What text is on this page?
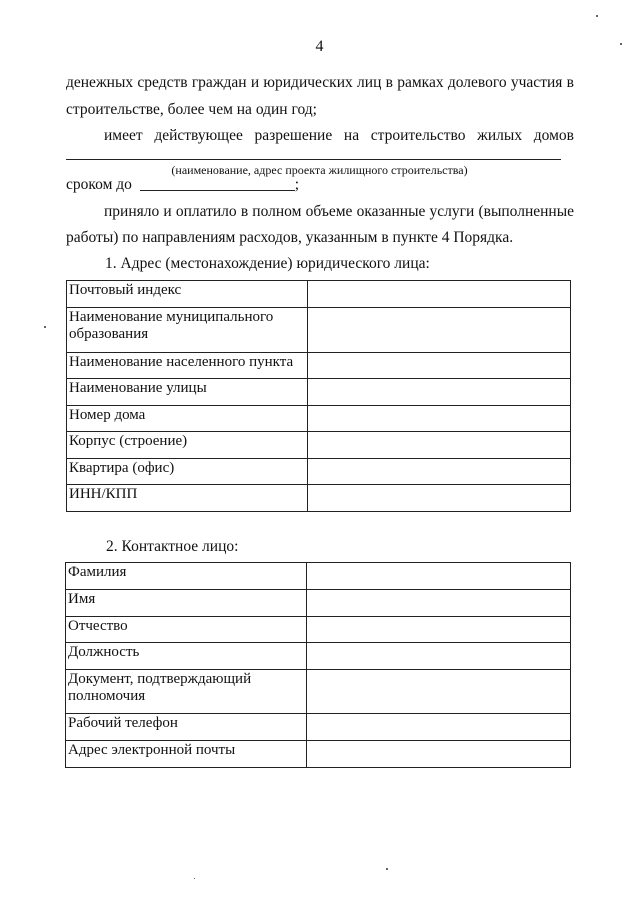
4
денежных средств граждан и юридических лиц в рамках долевого участия в
строительстве, более чем на один год;
имеет действующее разрешение на строительство жилых домов
(наименование, адрес проекта жилищного строительства)
сроком до	;
приняло и оплатило в полном объеме оказанные услуги (выполненные
работы) по направлениям расходов, указанным в пункте 4 Порядка.
1. Адрес (местонахождение) юридического лица:
Почтовый индекс	
Наименование муниципального образования	
Наименование населенного пункта	
Наименование улицы	
Номер дома	
Корпус (строение)	
Квартира (офис)	
ИНН/КПП	
2. Контактное лицо:
Фамилия	
Имя	
Отчество	
Должность	
Документ, подтверждающий полномочия	
Рабочий телефон	
Адрес электронной почты	
